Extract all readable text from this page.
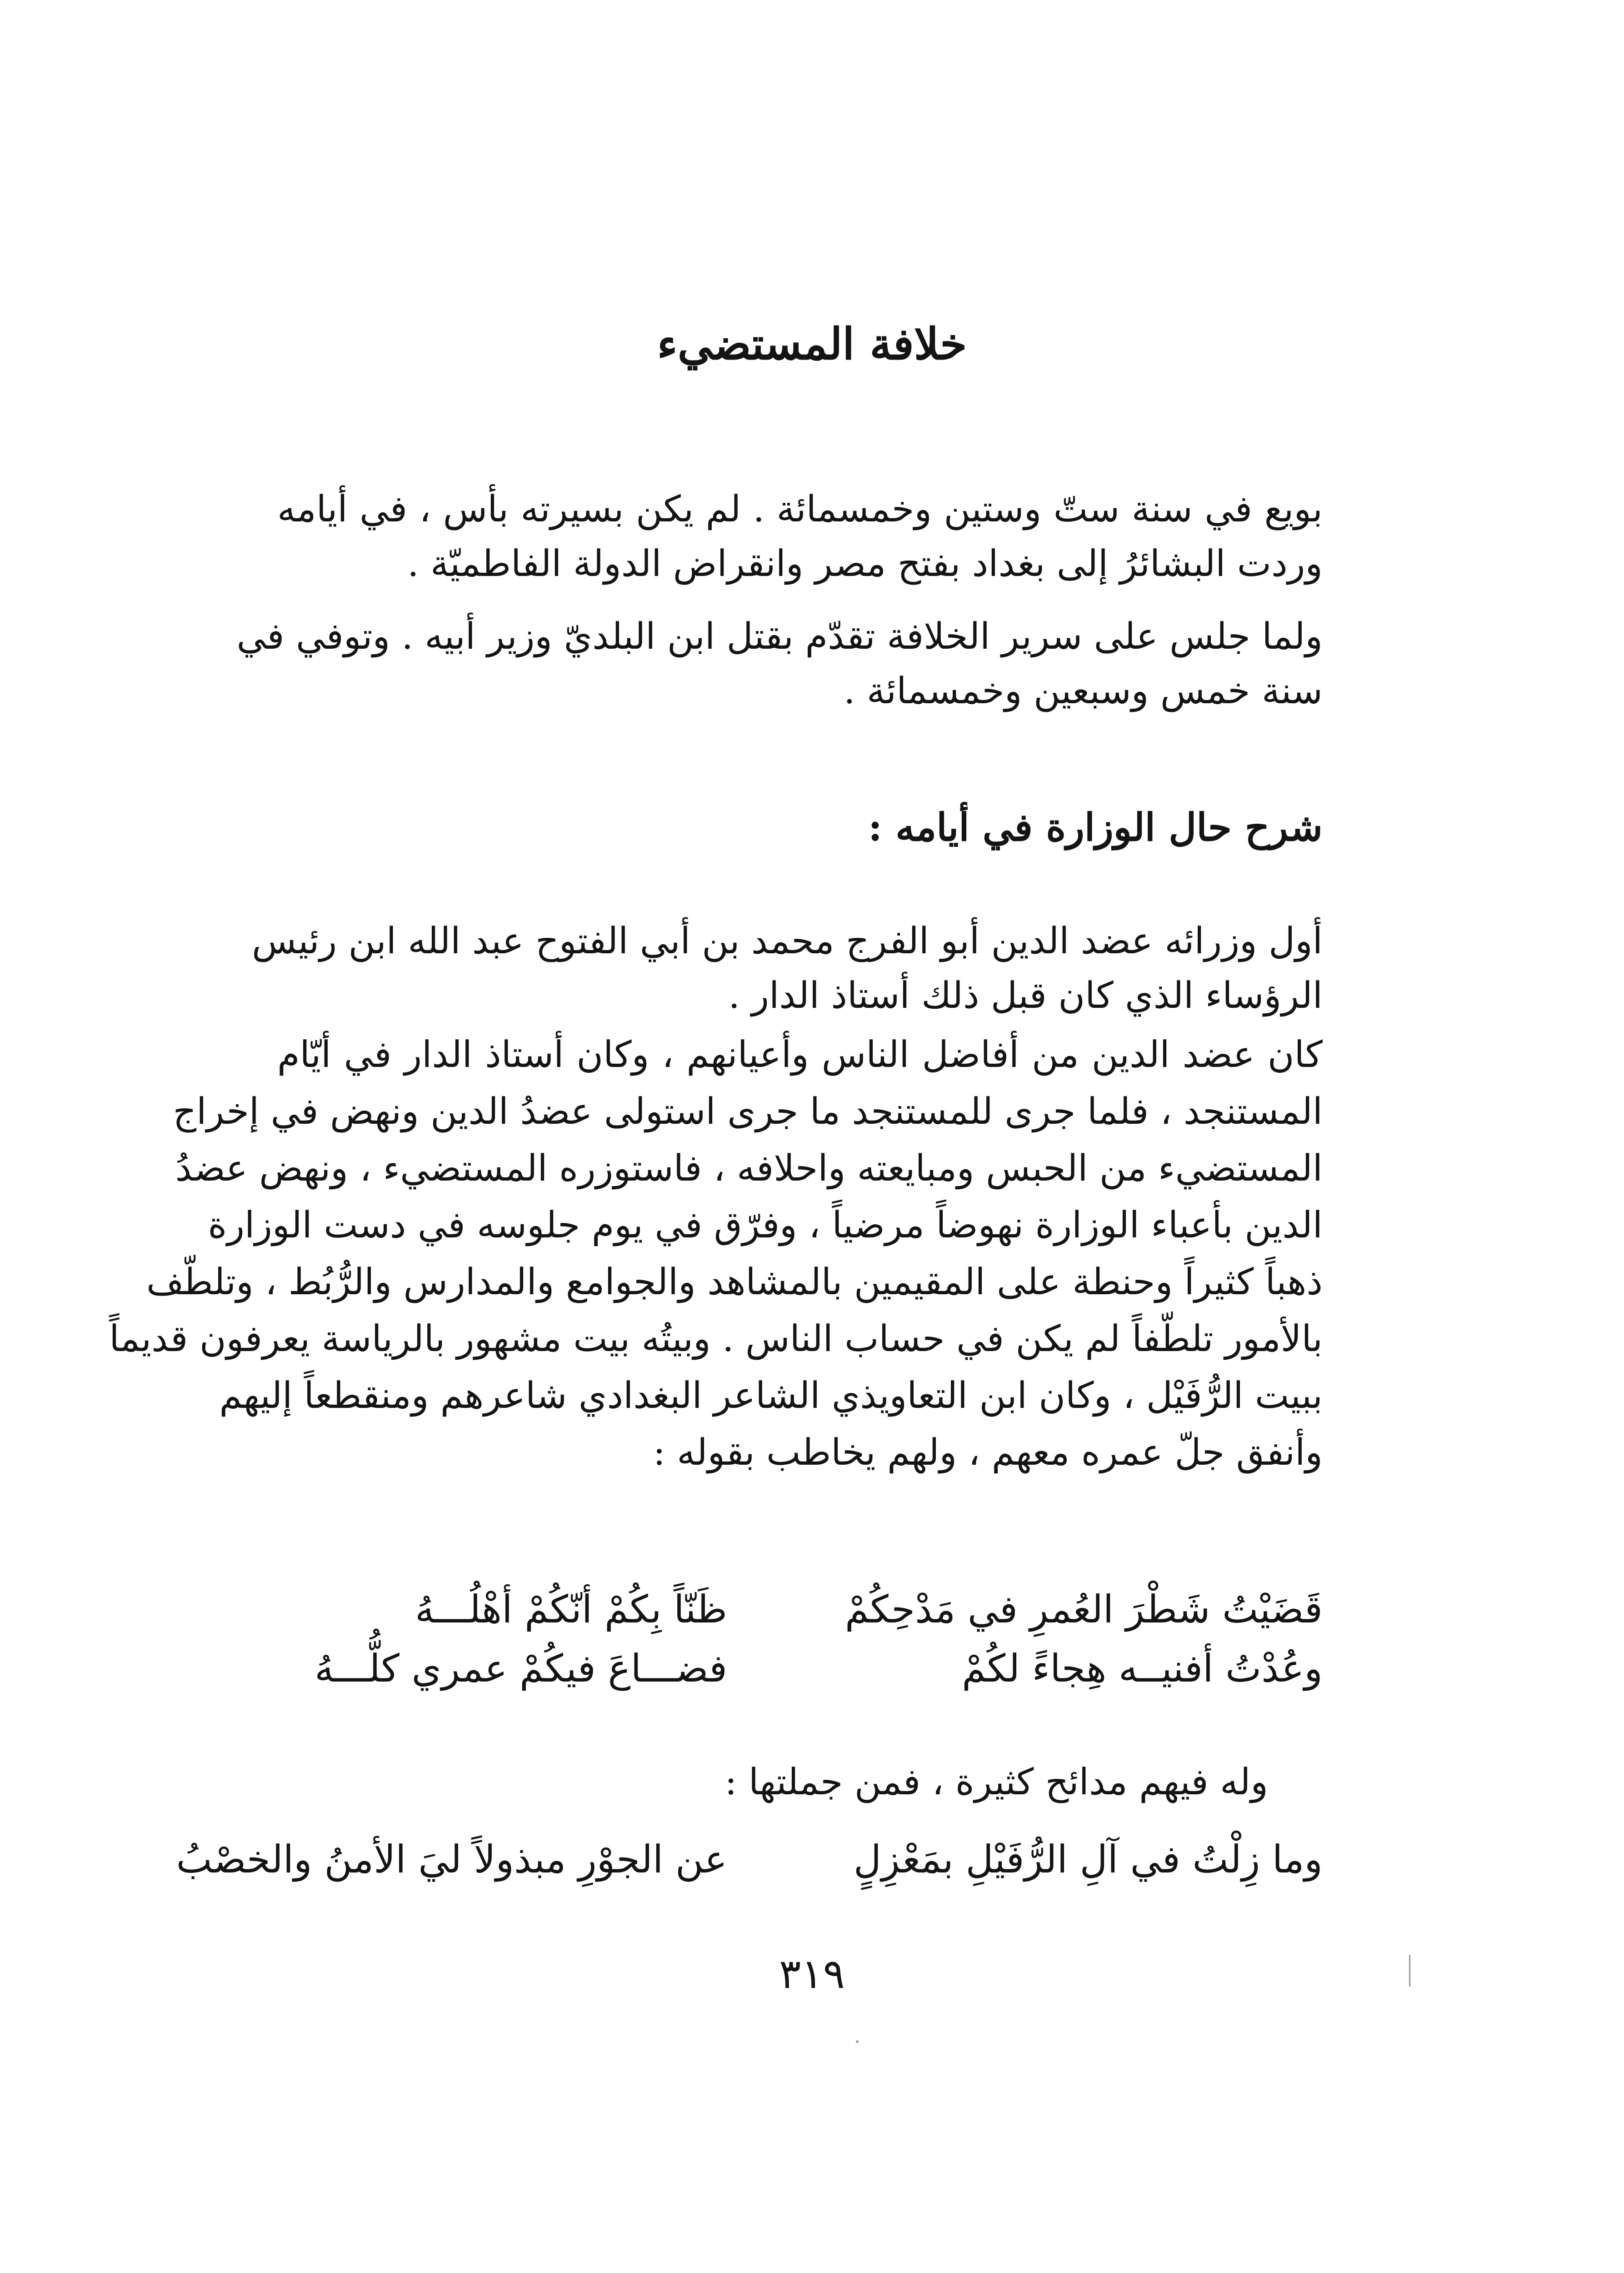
خلافة المستضيء
بويع في سنة ستّ وستين وخمسمائة . لم يكن بسيرته بأس ، في أيامه
وردت البشائرُ إلى بغداد بفتح مصر وانقراض الدولة الفاطميّة .
ولما جلس على سرير الخلافة تقدّم بقتل ابن البلديّ وزير أبيه . وتوفي في
سنة خمس وسبعين وخمسمائة .
شرح حال الوزارة في أيامه :
أول وزرائه عضد الدين أبو الفرج محمد بن أبي الفتوح عبد الله ابن رئيس
الرؤساء الذي كان قبل ذلك أستاذ الدار .
كان عضد الدين من أفاضل الناس وأعيانهم ، وكان أستاذ الدار في أيّام
المستنجد ، فلما جرى للمستنجد ما جرى استولى عضدُ الدين ونهض في إخراج
المستضيء من الحبس ومبايعته واحلافه ، فاستوزره المستضيء ، ونهض عضدُ
الدين بأعباء الوزارة نهوضاً مرضياً ، وفرّق في يوم جلوسه في دست الوزارة
ذهباً كثيراً وحنطة على المقيمين بالمشاهد والجوامع والمدارس والرُّبُط ، وتلطّف
بالأمور تلطّفاً لم يكن في حساب الناس . وبيتُه بيت مشهور بالرياسة يعرفون قديماً
ببيت الرُّفَيْل ، وكان ابن التعاويذي الشاعر البغدادي شاعرهم ومنقطعاً إليهم
وأنفق جلّ عمره معهم ، ولهم يخاطب بقوله :
قَضَيْتُ شَطْرَ العُمرِ في مَدْحِكُمْ
ظَنّاً بِكُمْ أنّكُمْ أهْلُـــهُ
وعُدْتُ أفنيــه هِجاءً لكُمْ
فضـــاعَ فيكُمْ عمري كلُّـــهُ
وله فيهم مدائح كثيرة ، فمن جملتها :
وما زِلْتُ في آلِ الرُّفَيْلِ بمَعْزِلٍ
عن الجوْرِ مبذولاً ليَ الأمنُ والخصْبُ
٣١٩
